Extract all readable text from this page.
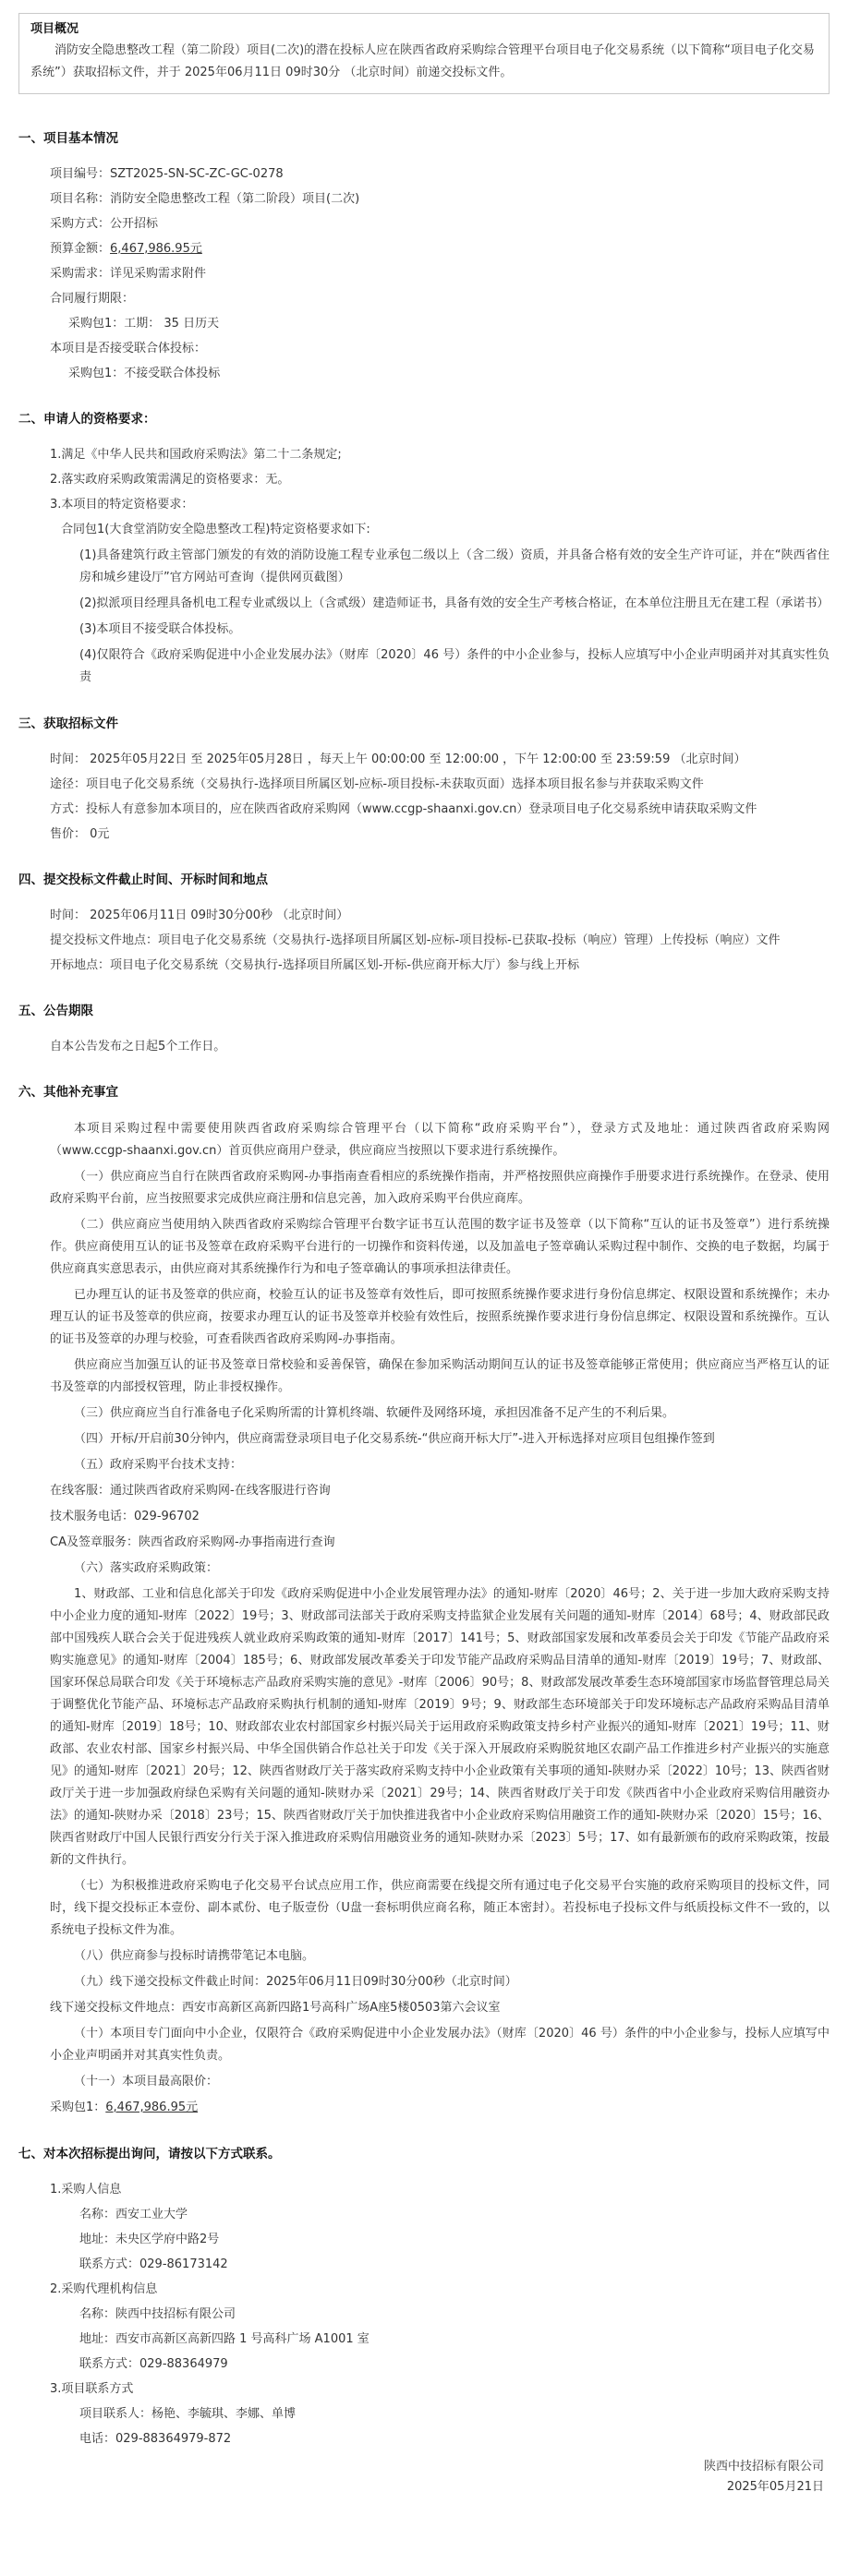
项目概况
消防安全隐患整改工程（第二阶段）项目(二次)的潜在投标人应在陕西省政府采购综合管理平台项目电子化交易系统（以下简称“项目电子化交易系统”）获取招标文件，并于 2025年06月11日 09时30分 （北京时间）前递交投标文件。
一、项目基本情况
项目编号：SZT2025-SN-SC-ZC-GC-0278
项目名称：消防安全隐患整改工程（第二阶段）项目(二次)
采购方式：公开招标
预算金额：6,467,986.95元
采购需求：详见采购需求附件
合同履行期限：
采购包1：工期： 35 日历天
本项目是否接受联合体投标：
采购包1：不接受联合体投标
二、申请人的资格要求：
1.满足《中华人民共和国政府采购法》第二十二条规定;
2.落实政府采购政策需满足的资格要求：无。
3.本项目的特定资格要求：
合同包1(大食堂消防安全隐患整改工程)特定资格要求如下:
(1)具备建筑行政主管部门颁发的有效的消防设施工程专业承包二级以上（含二级）资质，并具备合格有效的安全生产许可证，并在“陕西省住房和城乡建设厅”官方网站可查询（提供网页截图）
(2)拟派项目经理具备机电工程专业贰级以上（含贰级）建造师证书，具备有效的安全生产考核合格证，在本单位注册且无在建工程（承诺书）
(3)本项目不接受联合体投标。
(4)仅限符合《政府采购促进中小企业发展办法》（财库〔2020〕46 号）条件的中小企业参与，投标人应填写中小企业声明函并对其真实性负责
三、获取招标文件
时间： 2025年05月22日 至 2025年05月28日 ，每天上午 00:00:00 至 12:00:00 ，下午 12:00:00 至 23:59:59 （北京时间）
途径：项目电子化交易系统（交易执行-选择项目所属区划-应标-项目投标-未获取页面）选择本项目报名参与并获取采购文件
方式：投标人有意参加本项目的，应在陕西省政府采购网（www.ccgp-shaanxi.gov.cn）登录项目电子化交易系统申请获取采购文件
售价： 0元
四、提交投标文件截止时间、开标时间和地点
时间： 2025年06月11日 09时30分00秒 （北京时间）
提交投标文件地点：项目电子化交易系统（交易执行-选择项目所属区划-应标-项目投标-已获取-投标（响应）管理）上传投标（响应）文件
开标地点：项目电子化交易系统（交易执行-选择项目所属区划-开标-供应商开标大厅）参与线上开标
五、公告期限
自本公告发布之日起5个工作日。
六、其他补充事宜
本项目采购过程中需要使用陕西省政府采购综合管理平台（以下简称“政府采购平台”），登录方式及地址：通过陕西省政府采购网（www.ccgp-shaanxi.gov.cn）首页供应商用户登录，供应商应当按照以下要求进行系统操作。
（一）供应商应当自行在陕西省政府采购网-办事指南查看相应的系统操作指南，并严格按照供应商操作手册要求进行系统操作。在登录、使用政府采购平台前，应当按照要求完成供应商注册和信息完善，加入政府采购平台供应商库。
（二）供应商应当使用纳入陕西省政府采购综合管理平台数字证书互认范围的数字证书及签章（以下简称“互认的证书及签章”）进行系统操作。供应商使用互认的证书及签章在政府采购平台进行的一切操作和资料传递，以及加盖电子签章确认采购过程中制作、交换的电子数据，均属于供应商真实意思表示，由供应商对其系统操作行为和电子签章确认的事项承担法律责任。
已办理互认的证书及签章的供应商，校验互认的证书及签章有效性后，即可按照系统操作要求进行身份信息绑定、权限设置和系统操作；未办理互认的证书及签章的供应商，按要求办理互认的证书及签章并校验有效性后，按照系统操作要求进行身份信息绑定、权限设置和系统操作。互认的证书及签章的办理与校验，可查看陕西省政府采购网-办事指南。
供应商应当加强互认的证书及签章日常校验和妥善保管，确保在参加采购活动期间互认的证书及签章能够正常使用；供应商应当严格互认的证书及签章的内部授权管理，防止非授权操作。
（三）供应商应当自行准备电子化采购所需的计算机终端、软硬件及网络环境，承担因准备不足产生的不利后果。
（四）开标/开启前30分钟内，供应商需登录项目电子化交易系统-“供应商开标大厅”-进入开标选择对应项目包组操作签到
（五）政府采购平台技术支持：
在线客服：通过陕西省政府采购网-在线客服进行咨询
技术服务电话：029-96702
CA及签章服务：陕西省政府采购网-办事指南进行查询
（六）落实政府采购政策：
1、财政部、工业和信息化部关于印发《政府采购促进中小企业发展管理办法》的通知-财库〔2020〕46号；2、关于进一步加大政府采购支持中小企业力度的通知-财库〔2022〕19号；3、财政部司法部关于政府采购支持监狱企业发展有关问题的通知-财库〔2014〕68号；4、财政部民政部中国残疾人联合会关于促进残疾人就业政府采购政策的通知-财库〔2017〕141号；5、财政部国家发展和改革委员会关于印发《节能产品政府采购实施意见》的通知-财库〔2004〕185号；6、财政部发展改革委关于印发节能产品政府采购品目清单的通知-财库〔2019〕19号；7、财政部、国家环保总局联合印发《关于环境标志产品政府采购实施的意见》-财库〔2006〕90号；8、财政部发展改革委生态环境部国家市场监督管理总局关于调整优化节能产品、环境标志产品政府采购执行机制的通知-财库〔2019〕9号；9、财政部生态环境部关于印发环境标志产品政府采购品目清单的通知-财库〔2019〕18号；10、财政部农业农村部国家乡村振兴局关于运用政府采购政策支持乡村产业振兴的通知-财库〔2021〕19号；11、财政部、农业农村部、国家乡村振兴局、中华全国供销合作总社关于印发《关于深入开展政府采购脱贫地区农副产品工作推进乡村产业振兴的实施意见》的通知-财库〔2021〕20号；12、陕西省财政厅关于落实政府采购支持中小企业政策有关事项的通知-陕财办采〔2022〕10号；13、陕西省财政厅关于进一步加强政府绿色采购有关问题的通知-陕财办采〔2021〕29号；14、陕西省财政厅关于印发《陕西省中小企业政府采购信用融资办法》的通知-陕财办采〔2018〕23号；15、陕西省财政厅关于加快推进我省中小企业政府采购信用融资工作的通知-陕财办采〔2020〕15号；16、陕西省财政厅中国人民银行西安分行关于深入推进政府采购信用融资业务的通知-陕财办采〔2023〕5号；17、如有最新颁布的政府采购政策，按最新的文件执行。
（七）为积极推进政府采购电子化交易平台试点应用工作，供应商需要在线提交所有通过电子化交易平台实施的政府采购项目的投标文件，同时，线下提交投标正本壹份、副本贰份、电子版壹份（U盘一套标明供应商名称，随正本密封）。若投标电子投标文件与纸质投标文件不一致的，以系统电子投标文件为准。
（八）供应商参与投标时请携带笔记本电脑。
（九）线下递交投标文件截止时间：2025年06月11日09时30分00秒（北京时间）
线下递交投标文件地点：西安市高新区高新四路1号高科广场A座5楼0503第六会议室
（十）本项目专门面向中小企业，仅限符合《政府采购促进中小企业发展办法》（财库〔2020〕46 号）条件的中小企业参与，投标人应填写中小企业声明函并对其真实性负责。
（十一）本项目最高限价：
采购包1：6,467,986.95元
七、对本次招标提出询问，请按以下方式联系。
1.采购人信息
名称：西安工业大学
地址：未央区学府中路2号
联系方式：029-86173142
2.采购代理机构信息
名称：陕西中技招标有限公司
地址：西安市高新区高新四路 1 号高科广场 A1001 室
联系方式：029-88364979
3.项目联系方式
项目联系人：杨艳、李毓琪、李娜、单博
电话：029-88364979-872
陕西中技招标有限公司
2025年05月21日
